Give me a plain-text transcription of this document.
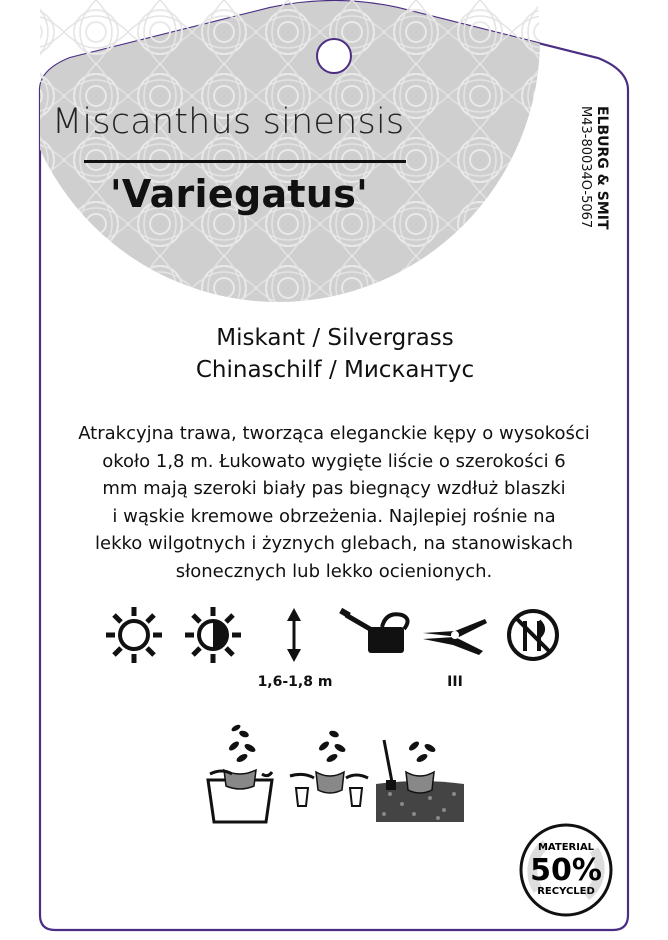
MATERIAL
50%
RECYCLED
ELBURG & SMIT
M43-80034O-5067
Miscanthus sinensis
'Variegatus'
Miskant / Silvergrass
Chinaschilf / Мискантус
Atrakcyjna trawa, tworząca eleganckie kępy o wysokości
około 1,8 m. Łukowato wygięte liście o szerokości 6
mm mają szeroki biały pas biegnący wzdłuż blaszki
i wąskie kremowe obrzeżenia. Najlepiej rośnie na
lekko wilgotnych i żyznych glebach, na stanowiskach
słonecznych lub lekko ocienionych.
1,6-1,8 m	III
